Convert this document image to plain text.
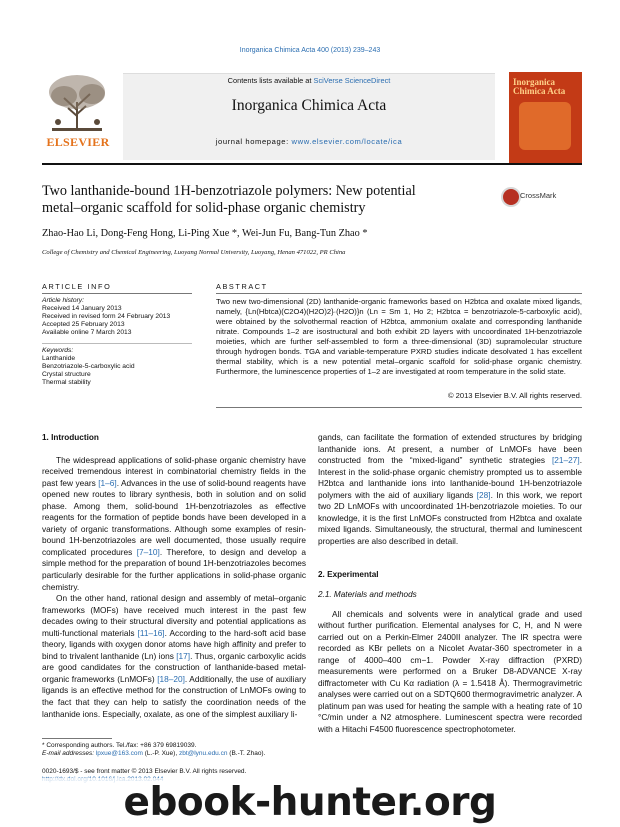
Inorganica Chimica Acta 400 (2013) 239–243
ELSEVIER
Contents lists available at SciVerse ScienceDirect
Inorganica Chimica Acta
journal homepage: www.elsevier.com/locate/ica
Inorganica Chimica Acta
Two lanthanide-bound 1H-benzotriazole polymers: New potential
metal–organic scaffold for solid-phase organic chemistry
CrossMark
Zhao-Hao Li, Dong-Feng Hong, Li-Ping Xue *, Wei-Jun Fu, Bang-Tun Zhao *
College of Chemistry and Chemical Engineering, Luoyang Normal University, Luoyang, Henan 471022, PR China
ARTICLE INFO	ABSTRACT
Article history:
Received 14 January 2013
Received in revised form 24 February 2013
Accepted 25 February 2013
Available online 7 March 2013
Keywords:
Lanthanide
Benzotriazole-5-carboxylic acid
Crystal structure
Thermal stability
Two new two-dimensional (2D) lanthanide-organic frameworks based on H2btca and oxalate mixed ligands, namely, {Ln(Hbtca)(C2O4)(H2O)2}·(H2O)}n (Ln = Sm 1, Ho 2; H2btca = benzotriazole-5-carboxylic acid), were obtained by the solvothermal reaction of H2btca, ammonium oxalate and corresponding lanthanide nitrate. Compounds 1–2 are isostructural and both exhibit 2D layers with uncoordinated 1H-benzotriazole moieties, which are further self-assembled to form a three-dimensional (3D) supramolecular structure through hydrogen bonds. TGA and variable-temperature PXRD studies indicate desolvated 1 has excellent thermal stability, which is a new potential metal–organic scaffold for solid-phase organic chemistry. Furthermore, the luminescence properties of 1–2 are investigated at room temperature in the solid state.
© 2013 Elsevier B.V. All rights reserved.
1. Introduction

The widespread applications of solid-phase organic chemistry have received tremendous interest in combinatorial chemistry fields in the past few years [1–6]. Advances in the use of solid-bound reagents have opened new routes to library synthesis, both in solution and on solid phase. Among them, solid-bound 1H-benzotriazoles as effective reagents for the formation of peptide bonds have been developed in a variety of organic transformations. Although some examples of resin-bound 1H-benzotriazoles are well documented, those usually require complicated procedures [7–10]. Therefore, to design and develop a simple method for the preparation of bound 1H-benzotriazoles becomes particularly desirable for the further applications in solid-phase organic chemistry.

On the other hand, rational design and assembly of metal–organic frameworks (MOFs) have received much interest in the past few decades owing to their structural diversity and potential applications as multi-functional materials [11–16]. According to the hard-soft acid base theory, ligands with oxygen donor atoms have high affinity and prefer to bind to trivalent lanthanide (Ln) ions [17]. Thus, organic carboxylic acids are good candidates for the construction of lanthanide-based metal-organic frameworks (LnMOFs) [18–20]. Additionally, the use of auxiliary ligands is an effective method for the construction of LnMOFs owing to the fact that they can help to satisfy the coordination needs of the lanthanide ions. Especially, oxalate, as one of the simplest auxiliary li-

gands, can facilitate the formation of extended structures by bridging lanthanide ions. At present, a number of LnMOFs have been constructed from the “mixed-ligand” synthetic strategies [21–27]. Interest in the solid-phase organic chemistry prompted us to assemble H2btca and lanthanide ions into lanthanide-bound 1H-benzotriazole polymers with the aid of auxiliary ligands [28]. In this work, we report two 2D LnMOFs with uncoordinated 1H-benzotriazole moieties. To our knowledge, it is the first LnMOFs constructed from H2btca and oxalate mixed ligands. Simultaneously, the structural, thermal and luminescent properties are also described in detail.

2. Experimental
2.1. Materials and methods

All chemicals and solvents were in analytical grade and used without further purification. Elemental analyses for C, H, and N were carried out on a Perkin-Elmer 2400II analyzer. The IR spectra were recorded as KBr pellets on a Nicolet Avatar-360 spectrometer in a range of 4000–400 cm−1. Powder X-ray diffraction (PXRD) measurements were performed on a Bruker D8-ADVANCE X-ray diffractometer with Cu Kα radiation (λ = 1.5418 Å). Thermogravimetric analyses were carried out on a SDTQ600 thermogravimetric analyzer. A platinum pan was used for heating the sample with a heating rate of 10 °C/min under a N2 atmosphere. Luminescent spectra were recorded with a Hitachi F4500 fluorescence spectrophotometer.

* Corresponding authors. Tel./fax: +86 379 69819039.
E-mail addresses: lpxue@163.com (L.-P. Xue), zbt@lynu.edu.cn (B.-T. Zhao).
0020-1693/$ - see front matter © 2013 Elsevier B.V. All rights reserved.
ebook-hunter.org
